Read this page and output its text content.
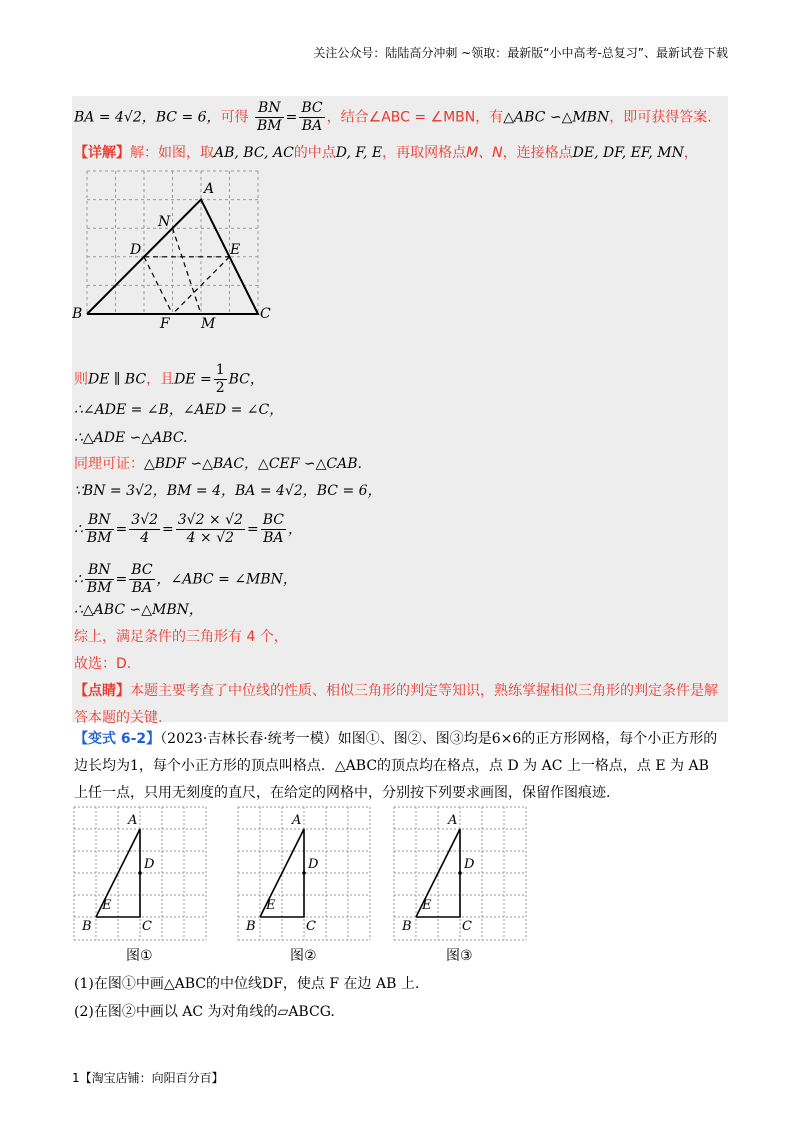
关注公众号：陆陆高分冲刺 ~领取：最新版“小中高考-总复习”、最新试卷下载
BA = 4√2，BC = 6，可得 $\frac{BN}{BM} = \frac{BC}{BA}$ ，结合∠ABC = ∠MBN，有△ABC ∽△MBN，即可获得答案.
【详解】解：如图，取AB, BC, AC的中点D, F, E，再取网格点M、N，连接格点DE, DF, EF, MN，
A
B	C
D	E
F M
N
则DE ∥ BC，且DE = $\frac{1}{2}$ BC，
∴∠ADE = ∠B，∠AED = ∠C，
∴△ADE ∽△ABC.
同理可证：△BDF ∽△BAC，△CEF ∽△CAB.
∵BN = 3√2，BM = 4，BA = 4√2，BC = 6，
∴ $\frac{BN}{BM} = \frac{3√2}{4} = \frac{3√2 \times √2}{4 \times √2} = \frac{BC}{BA}$ ，
∴ $\frac{BN}{BM} = \frac{BC}{BA}$ ，∠ABC = ∠MBN，
∴△ABC ∽△MBN，
综上，满足条件的三角形有 4 个，
故选：D.
【点睛】本题主要考查了中位线的性质、相似三角形的判定等知识，熟练掌握相似三角形的判定条件是解答本题的关键.
【变式 6-2】（2023·吉林长春·统考一模）如图①、图②、图③均是6×6的正方形网格，每个小正方形的边长均为1，每个小正方形的顶点叫格点．△ABC的顶点均在格点，点 D 为 AC 上一格点，点 E 为 AB 上任一点，只用无刻度的直尺，在给定的网格中，分别按下列要求画图，保留作图痕迹.
A
B	C
D
E
A
B	C
D
E
A
B	C
D
E
图①	图②	图③
(1)在图①中画△ABC的中位线DF，使点 F 在边 AB 上.
(2)在图②中画以 AC 为对角线的▱ABCG.
1【淘宝店铺：向阳百分百】
